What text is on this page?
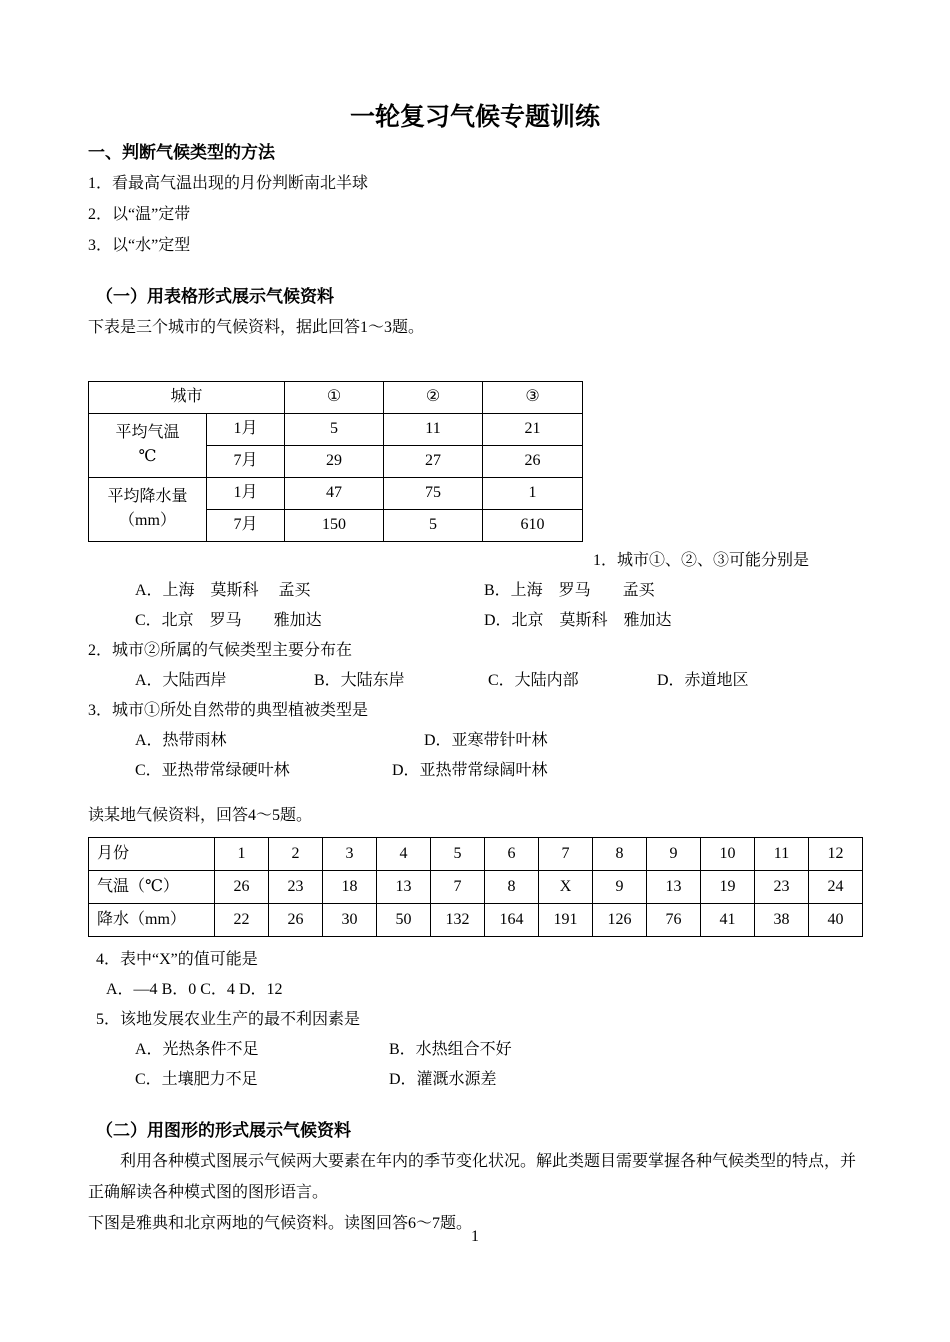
一轮复习气候专题训练

一、判断气候类型的方法

1．看最高气温出现的月份判断南北半球

2．以“温”定带

3．以“水”定型

（一）用表格形式展示气候资料

下表是三个城市的气候资料，据此回答1～3题。

城市		①	②	③

平均气温
℃	1月	5	11	21
	7月	29	27	26

平均降水量
（mm）	1月	47	75	1
	7月	150	5	610

1．城市①、②、③可能分别是

A．上海　莫斯科　 孟买	B．上海　罗马　　孟买

C．北京　罗马　　雅加达	D．北京　莫斯科　雅加达

2．城市②所属的气候类型主要分布在

A．大陆西岸	B．大陆东岸	C．大陆内部	D．赤道地区

3．城市①所处自然带的典型植被类型是

A．热带雨林	D．亚寒带针叶林

C．亚热带常绿硬叶林	D．亚热带常绿阔叶林

读某地气候资料，回答4～5题。

月份	1	2	3	4	5	6	7	8	9	10	11	12
气温（℃）	26	23	18	13	7	8	X	9	13	19	23	24
降水（mm）	22	26	30	50	132	164	191	126	76	41	38	40

4．表中“X”的值可能是

A．—4 B．0 C．4 D．12

5．该地发展农业生产的最不利因素是

A．光热条件不足	B．水热组合不好

C．土壤肥力不足	D．灌溉水源差

（二）用图形的形式展示气候资料

利用各种模式图展示气候两大要素在年内的季节变化状况。解此类题目需要掌握各种气候类型的特点，并正确解读各种模式图的图形语言。

下图是雅典和北京两地的气候资料。读图回答6～7题。

1
